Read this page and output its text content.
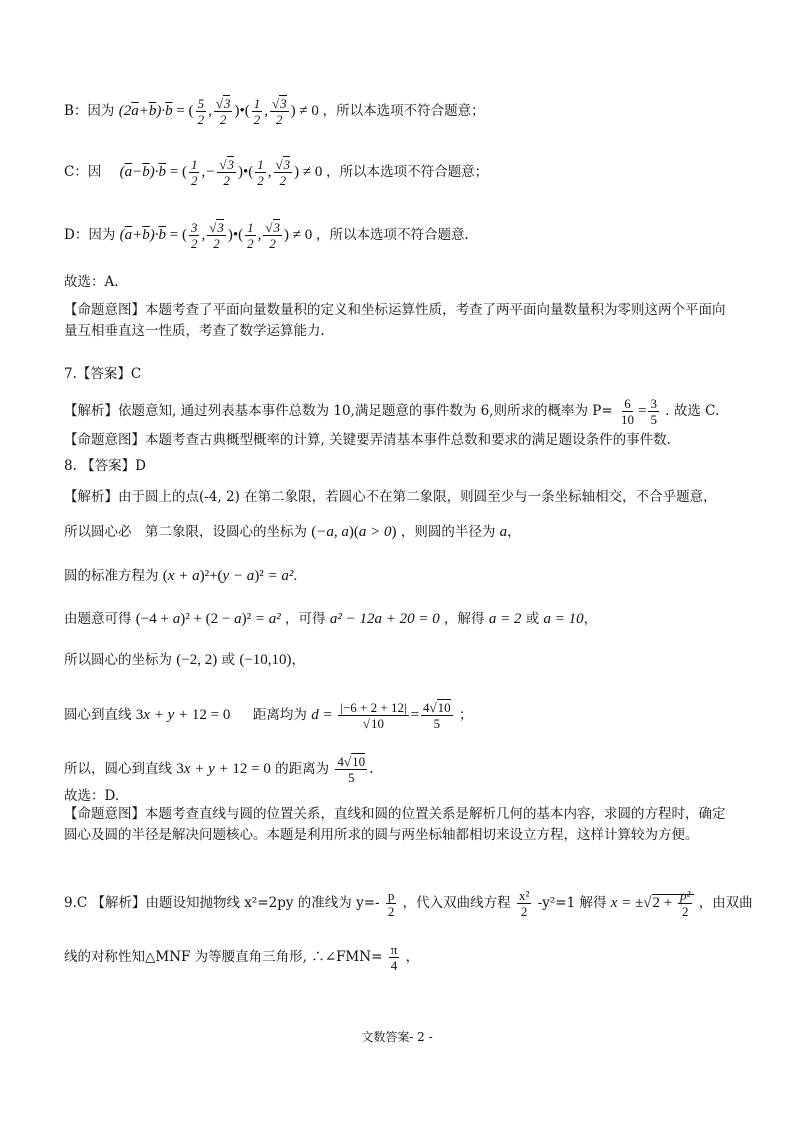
B：因为 $(2\overline{a}+\overline{b})\cdot\overline{b}$ = ( $\frac{5}{2}$ , $\frac{√3}{2}$ )•( $\frac{1}{2}$ , $\frac{√3}{2}$ ) ≠ 0 ，所以本选项不符合题意；
C：因 $(\overline{a}-\overline{b})\cdot\overline{b}$ = ( $\frac{1}{2}$ ,− $\frac{√3}{2}$ )•( $\frac{1}{2}$ , $\frac{√3}{2}$ ) ≠ 0 ，所以本选项不符合题意；
D：因为 $(\overline{a}+\overline{b})\cdot\overline{b}$ = ( $\frac{3}{2}$ , $\frac{√3}{2}$ )•( $\frac{1}{2}$ , $\frac{√3}{2}$ ) ≠ 0 ，所以本选项不符合题意.
故选：A.
【命题意图】本题考查了平面向量数量积的定义和坐标运算性质，考查了两平面向量数量积为零则这两个平面向量互相垂直这一性质，考查了数学运算能力.
7.【答案】C
【解析】依题意知, 通过列表基本事件总数为 10,满足题意的事件数为 6,则所求的概率为 $P= \frac{6}{10} = \frac{3}{5}$ . 故选 C.
【命题意图】本题考查古典概型概率的计算, 关键要弄清基本事件总数和要求的满足题设条件的事件数.
8. 【答案】D
【解析】由于圆上的点(-4, 2) 在第二象限，若圆心不在第二象限，则圆至少与一条坐标轴相交，不合乎题意，
所以圆心必　第二象限，设圆心的坐标为 (−a, a)(a > 0) ，则圆的半径为 a，
圆的标准方程为 (x + a)²+(y − a)² = a².
由题意可得 (−4 + a)² + (2 − a)² = a² ，可得 a² − 12a + 20 = 0 ，解得 a = 2 或 a = 10，
所以圆心的坐标为 (−2, 2) 或 (−10,10)，
圆心到直线 3x + y + 12 = 0 距离均为 $d = \frac{|-6 + 2 + 12|}{√10} = \frac{4√10}{5}$ ；
所以，圆心到直线 3x + y + 12 = 0 的距离为 $\frac{4√10}{5}$ .
故选：D.
【命题意图】本题考查直线与圆的位置关系，直线和圆的位置关系是解析几何的基本内容，求圆的方程时，确定圆心及圆的半径是解决问题核心。本题是利用所求的圆与两坐标轴都相切来设立方程，这样计算较为方便。
9.C 【解析】由题设知抛物线 x²=2py 的准线为 $y=- \frac{p}{2}$ ，代入双曲线方程 $\frac{\text{x²}}{2} -y^2=1$ 解得 $x = \pm√2 + \frac{\text{p²}}{2}$ ，由双曲
线的对称性知△MNF 为等腰直角三角形, ∴∠FMN= $\frac{\pi}{4}$ ，
文数答案- 2 -
